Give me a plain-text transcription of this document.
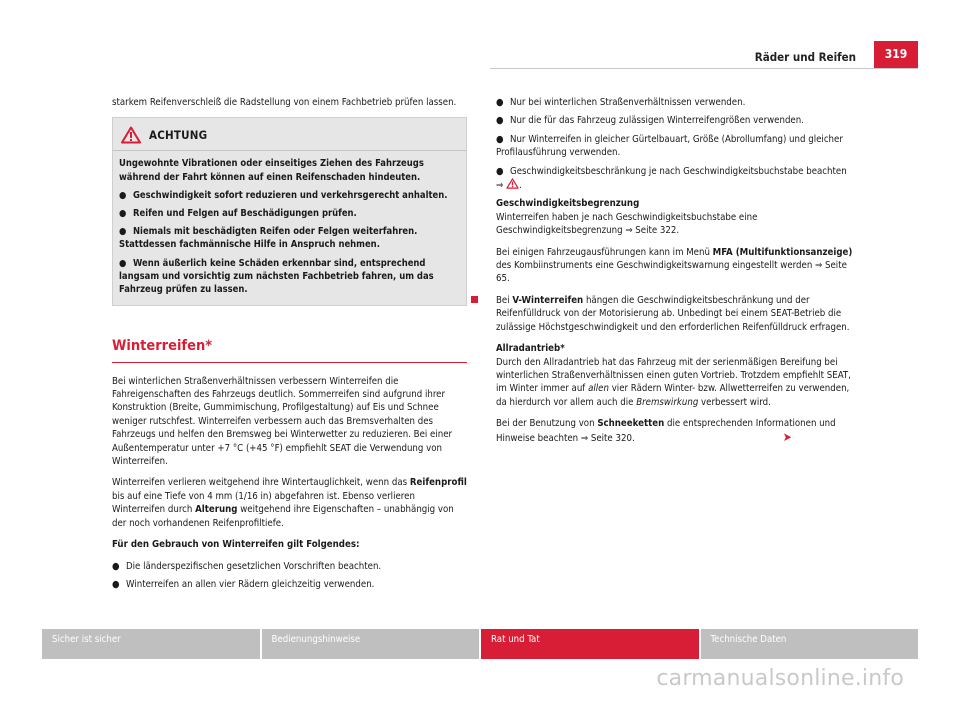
Räder und Reifen	319

starkem Reifenverschleiß die Radstellung von einem Fachbetrieb prüfen lassen.

ACHTUNG

Ungewohnte Vibrationen oder einseitiges Ziehen des Fahrzeugs während der Fahrt können auf einen Reifenschaden hindeuten.

● Geschwindigkeit sofort reduzieren und verkehrsgerecht anhalten.

● Reifen und Felgen auf Beschädigungen prüfen.

● Niemals mit beschädigten Reifen oder Felgen weiterfahren. Stattdessen fachmännische Hilfe in Anspruch nehmen.

● Wenn äußerlich keine Schäden erkennbar sind, entsprechend langsam und vorsichtig zum nächsten Fachbetrieb fahren, um das Fahrzeug prüfen zu lassen.

Winterreifen*

Bei winterlichen Straßenverhältnissen verbessern Winterreifen die Fahreigenschaften des Fahrzeugs deutlich. Sommerreifen sind aufgrund ihrer Konstruktion (Breite, Gummimischung, Profilgestaltung) auf Eis und Schnee weniger rutschfest. Winterreifen verbessern auch das Bremsverhalten des Fahrzeugs und helfen den Bremsweg bei Winterwetter zu reduzieren. Bei einer Außentemperatur unter +7 °C (+45 °F) empfiehlt SEAT die Verwendung von Winterreifen.

Winterreifen verlieren weitgehend ihre Wintertauglichkeit, wenn das Reifenprofil bis auf eine Tiefe von 4 mm (1/16 in) abgefahren ist. Ebenso verlieren Winterreifen durch Alterung weitgehend ihre Eigenschaften – unabhängig von der noch vorhandenen Reifenprofiltiefe.

Für den Gebrauch von Winterreifen gilt Folgendes:

● Die länderspezifischen gesetzlichen Vorschriften beachten.

● Winterreifen an allen vier Rädern gleichzeitig verwenden.

● Nur bei winterlichen Straßenverhältnissen verwenden.

● Nur die für das Fahrzeug zulässigen Winterreifengrößen verwenden.

● Nur Winterreifen in gleicher Gürtelbauart, Größe (Abrollumfang) und gleicher Profilausführung verwenden.

● Geschwindigkeitsbeschränkung je nach Geschwindigkeitsbuchstabe beachten ⇒ .

Geschwindigkeitsbegrenzung

Winterreifen haben je nach Geschwindigkeitsbuchstabe eine Geschwindigkeitsbegrenzung ⇒ Seite 322.

Bei einigen Fahrzeugausführungen kann im Menü MFA (Multifunktionsanzeige) des Kombiinstruments eine Geschwindigkeitswarnung eingestellt werden ⇒ Seite 65.

Bei V-Winterreifen hängen die Geschwindigkeitsbeschränkung und der Reifenfülldruck von der Motorisierung ab. Unbedingt bei einem SEAT-Betrieb die zulässige Höchstgeschwindigkeit und den erforderlichen Reifenfülldruck erfragen.

Allradantrieb*

Durch den Allradantrieb hat das Fahrzeug mit der serienmäßigen Bereifung bei winterlichen Straßenverhältnissen einen guten Vortrieb. Trotzdem empfiehlt SEAT, im Winter immer auf allen vier Rädern Winter- bzw. Allwetterreifen zu verwenden, da hierdurch vor allem auch die Bremswirkung verbessert wird.

Bei der Benutzung von Schneeketten die entsprechenden Informationen und Hinweise beachten ⇒ Seite 320.	➤

Sicher ist sicher	Bedienungshinweise	Rat und Tat	Technische Daten
carmanualsonline.info
